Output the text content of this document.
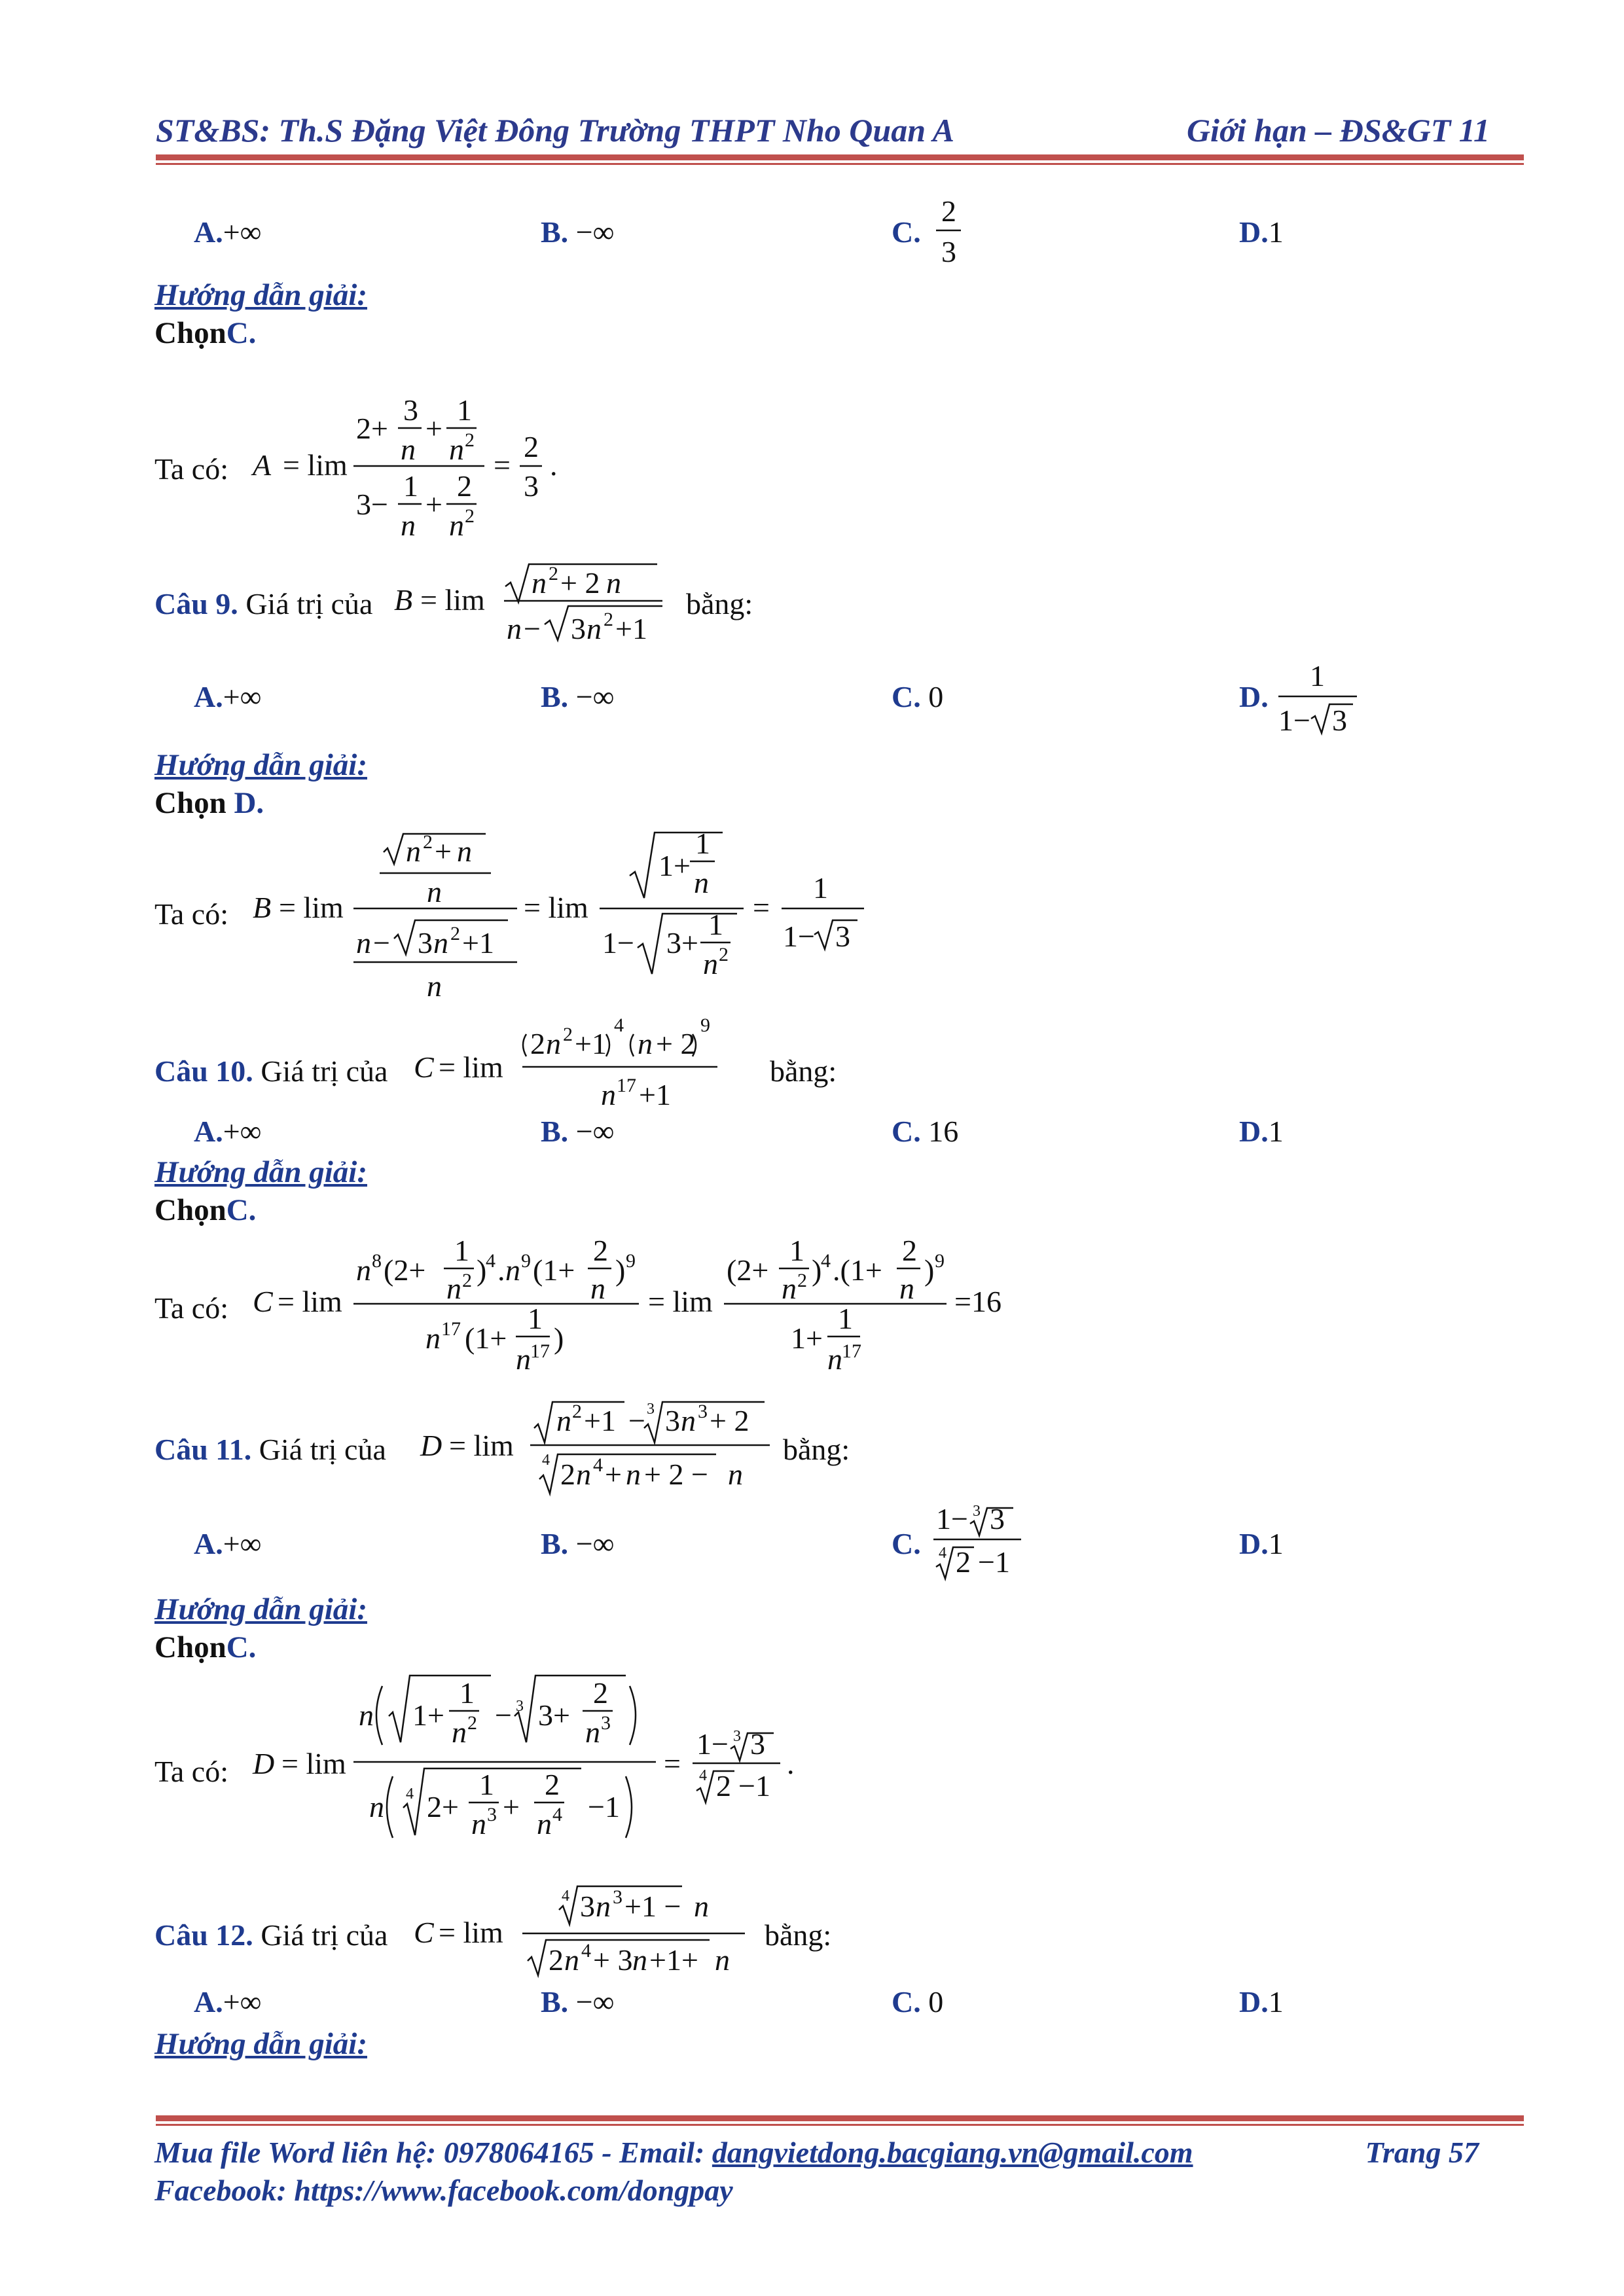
ST&BS: Th.S Đặng Việt Đông Trường THPT Nho Quan A	Giới hạn – ĐS&GT 11
A.+∞	B. −∞	C.
2
3
D.1
Hướng dẫn giải:
ChọnC.
Ta có: A = lim
2+
3
n
+
1
n 2
3−
1
n
+
2
n 2
=
2
3
.
Câu 9. Giá trị của B = lim
n 2 + 2 n
n − 3 n 2 +1
bằng:
A.+∞	B. −∞	C. 0	D.
1
1− 3
Hướng dẫn giải:
Chọn D.
Ta có: B = lim
n 2 + n
n
n − 3 n 2 +1
n
= lim
1+
1
n
1− 3+
1
n 2
=
1
1− 3
Câu 10. Giá trị của C = lim
2 n 2 +1
4
n + 2
9
n 17 +1
bằng:
A.+∞	B. −∞	C. 16	D.1
Hướng dẫn giải:
ChọnC.
Ta có: C = lim
n 8 (2+
1
n 2 )
4 . n 9 (1+
2
n
) 9
n 17 (1+
1
n 17 )
= lim
(2+
1
n 2 )
4 .(1+
2
n
) 9
1+
1
n 17
=16
Câu 11. Giá trị của D = lim
n 2 +1 − 3 3 n 3 + 2
4 2 n 4 + n + 2 − n
bằng:
A.+∞	B. −∞	C.
1− 3 3
4 2 −1
D.1
Hướng dẫn giải:
ChọnC.
Ta có: D = lim
n 1+
1
n 2 − 3 3+
2
n 3
n 4 2+
1
n 3 +
2
n 4 −1
=
1− 3 3
4 2 −1
.
Câu 12. Giá trị của C = lim
4 3 n 3 +1 − n
2 n 4 + 3 n +1+ n
bằng:
A.+∞	B. −∞	C. 0	D.1
Hướng dẫn giải:
Mua file Word liên hệ: 0978064165 - Email: dangvietdong.bacgiang.vn@gmail.com	Trang 57
Facebook: https://www.facebook.com/dongpay
